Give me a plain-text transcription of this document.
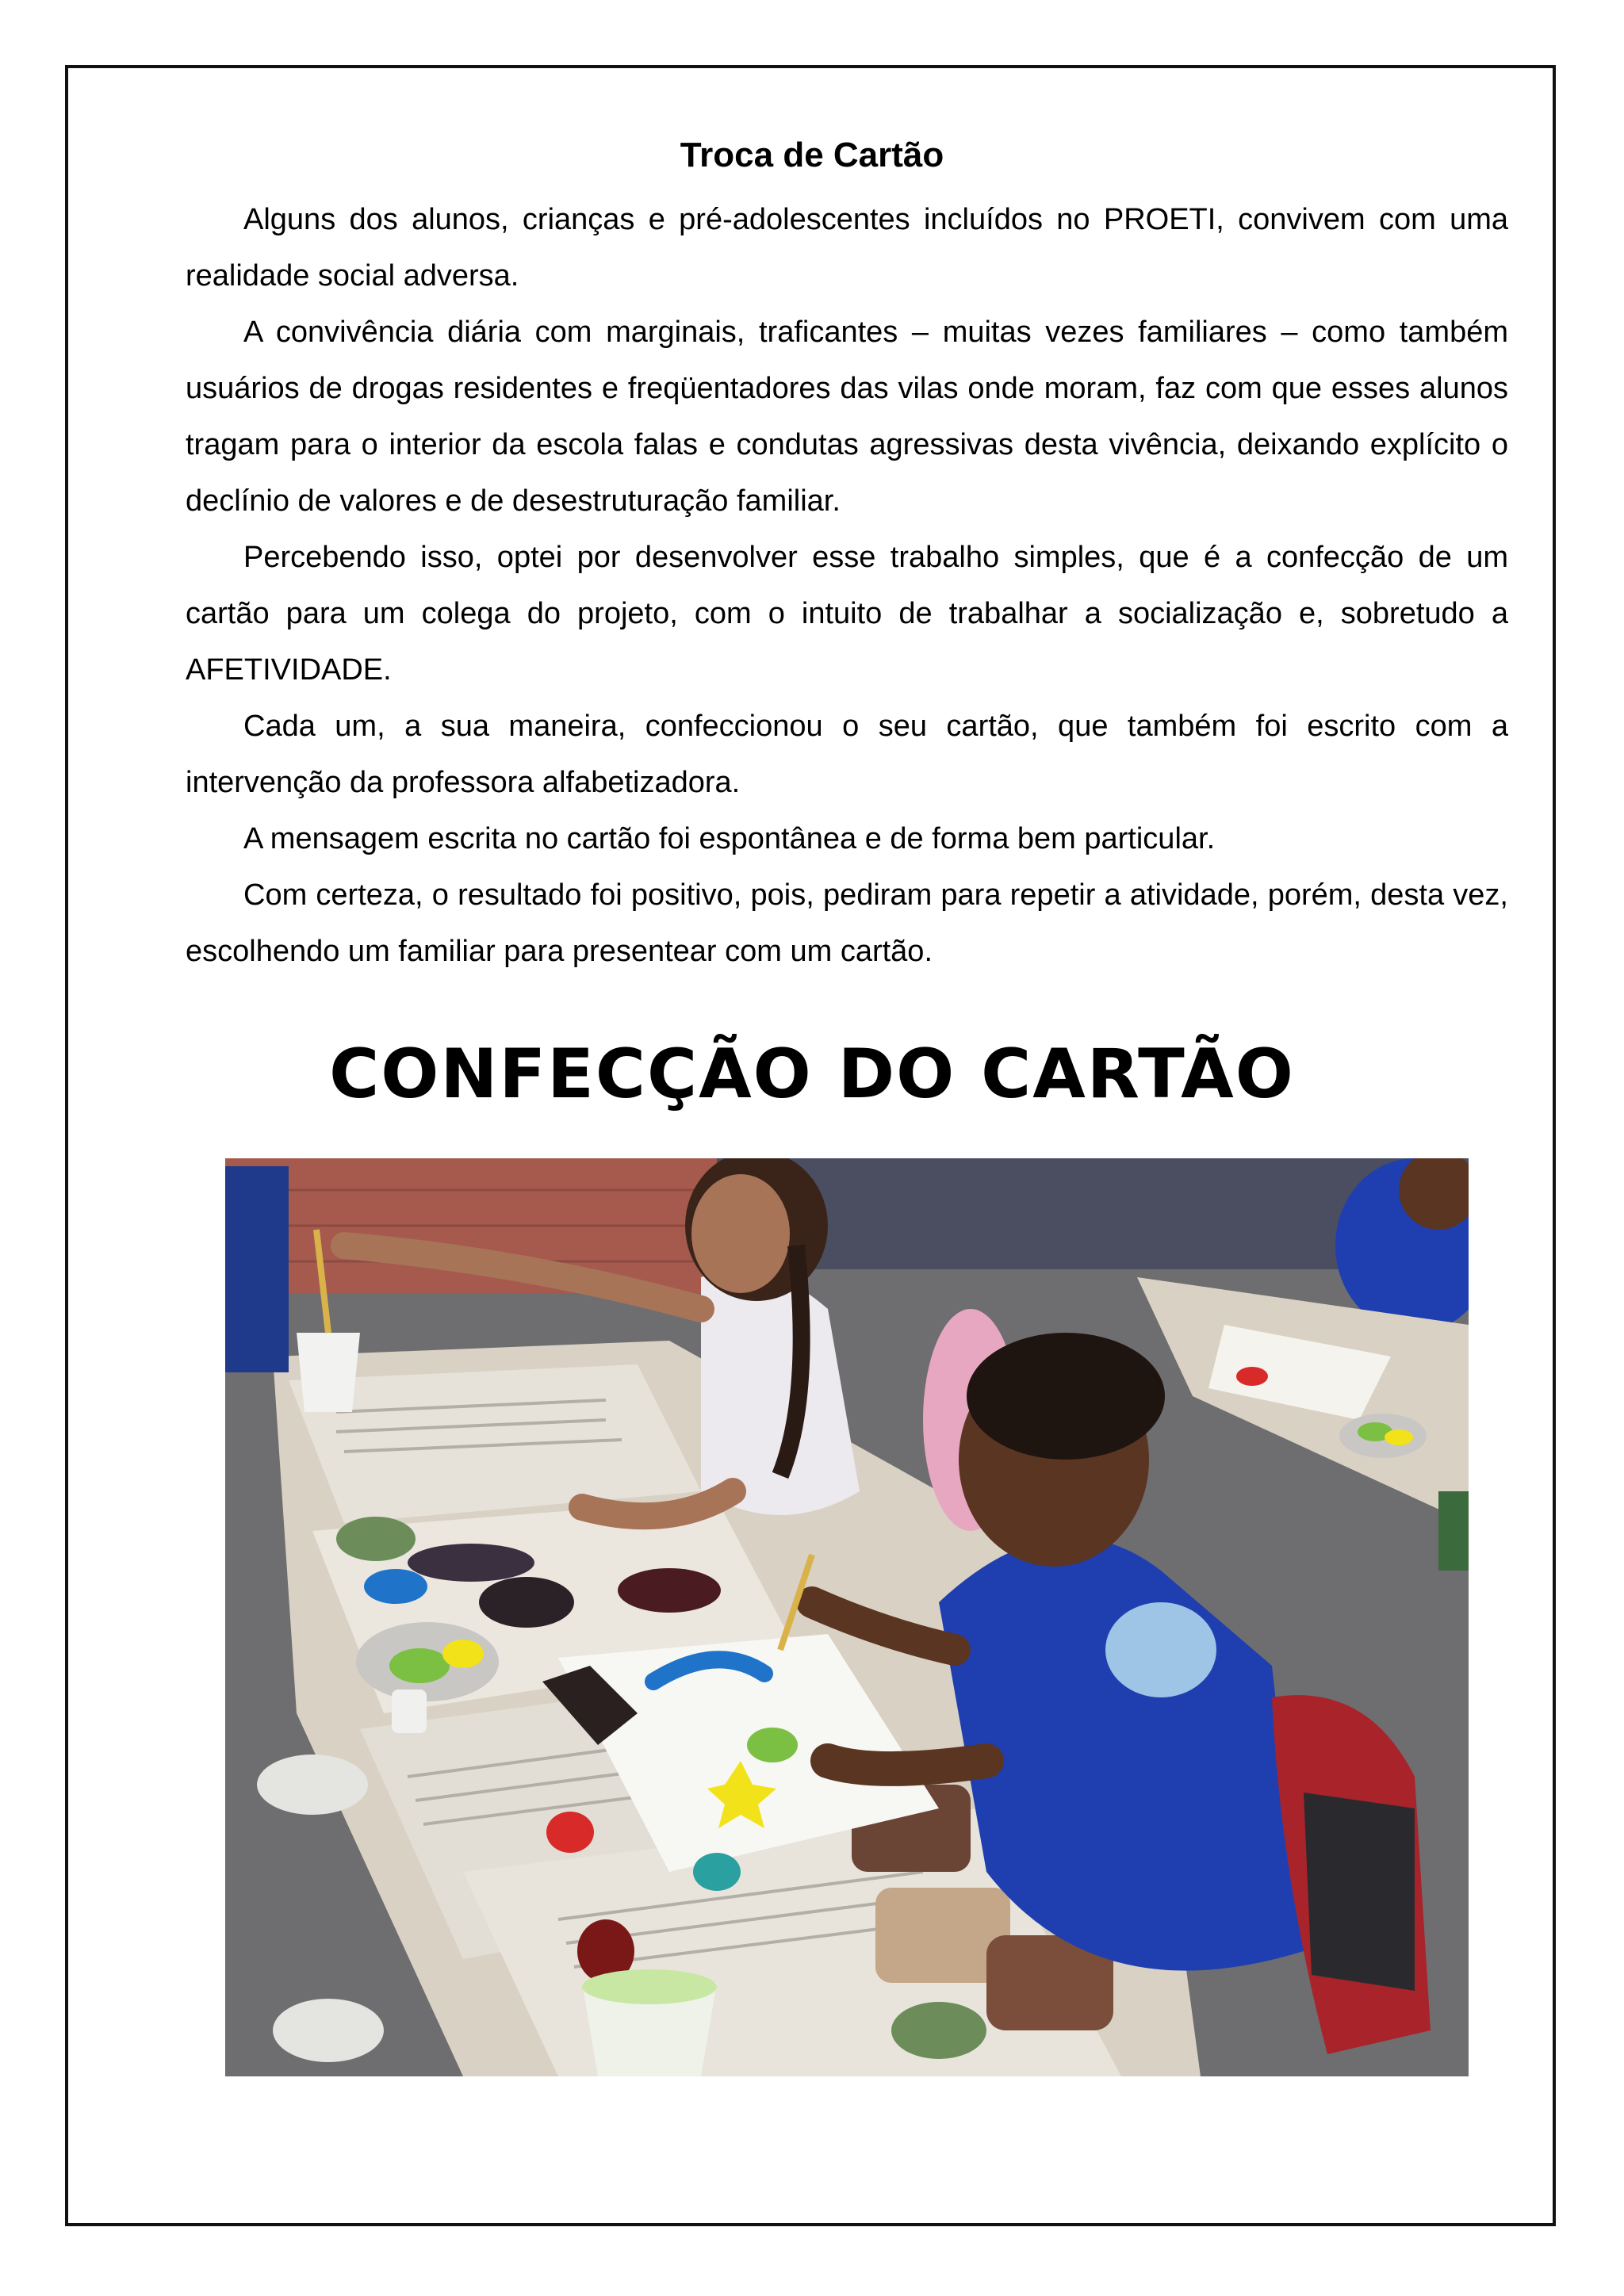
Troca de Cartão

Alguns dos alunos, crianças e pré-adolescentes incluídos no PROETI, convivem com uma realidade social adversa.

A convivência diária com marginais, traficantes – muitas vezes familiares – como também usuários de drogas residentes e freqüentadores das vilas onde moram, faz com que esses alunos tragam para o interior da escola falas e condutas agressivas desta vivência, deixando explícito o declínio de valores e de desestruturação familiar.

Percebendo isso, optei por desenvolver esse trabalho simples, que é a confecção de um cartão para um colega do projeto, com o intuito de trabalhar a socialização e, sobretudo a AFETIVIDADE.

Cada um, a sua maneira, confeccionou o seu cartão, que também foi escrito com a intervenção da professora alfabetizadora.

A mensagem escrita no cartão foi espontânea e de forma bem particular.

Com certeza, o resultado foi positivo, pois, pediram para repetir a atividade, porém, desta vez, escolhendo um familiar para presentear com um cartão.

CONFECÇÃO DO CARTÃO
